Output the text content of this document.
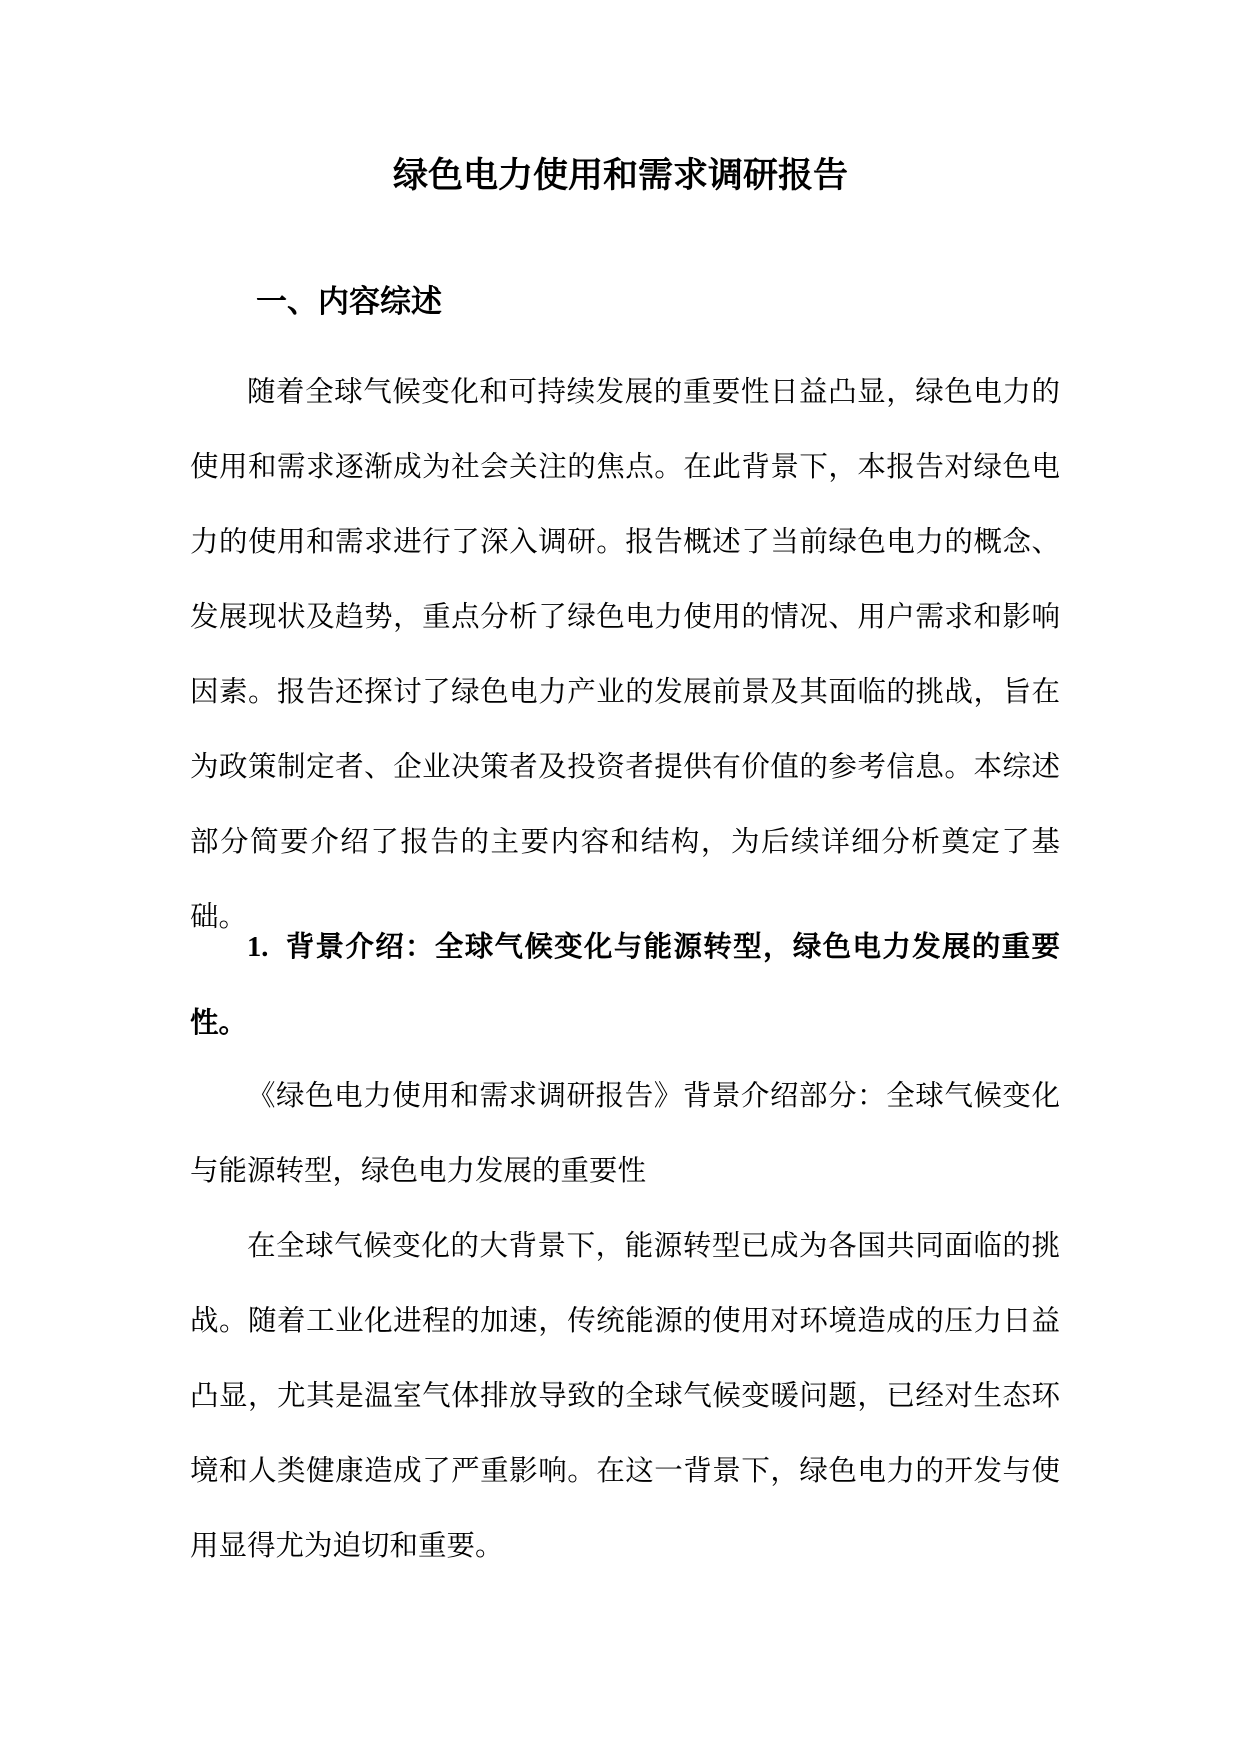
绿色电力使用和需求调研报告
一、内容综述

随着全球气候变化和可持续发展的重要性日益凸显，绿色电力的使用和需求逐渐成为社会关注的焦点。在此背景下，本报告对绿色电力的使用和需求进行了深入调研。报告概述了当前绿色电力的概念、发展现状及趋势，重点分析了绿色电力使用的情况、用户需求和影响因素。报告还探讨了绿色电力产业的发展前景及其面临的挑战，旨在为政策制定者、企业决策者及投资者提供有价值的参考信息。本综述部分简要介绍了报告的主要内容和结构，为后续详细分析奠定了基础。

1. 背景介绍：全球气候变化与能源转型，绿色电力发展的重要性。

《绿色电力使用和需求调研报告》背景介绍部分：全球气候变化与能源转型，绿色电力发展的重要性

在全球气候变化的大背景下，能源转型已成为各国共同面临的挑战。随着工业化进程的加速，传统能源的使用对环境造成的压力日益凸显，尤其是温室气体排放导致的全球气候变暖问题，已经对生态环境和人类健康造成了严重影响。在这一背景下，绿色电力的开发与使用显得尤为迫切和重要。
